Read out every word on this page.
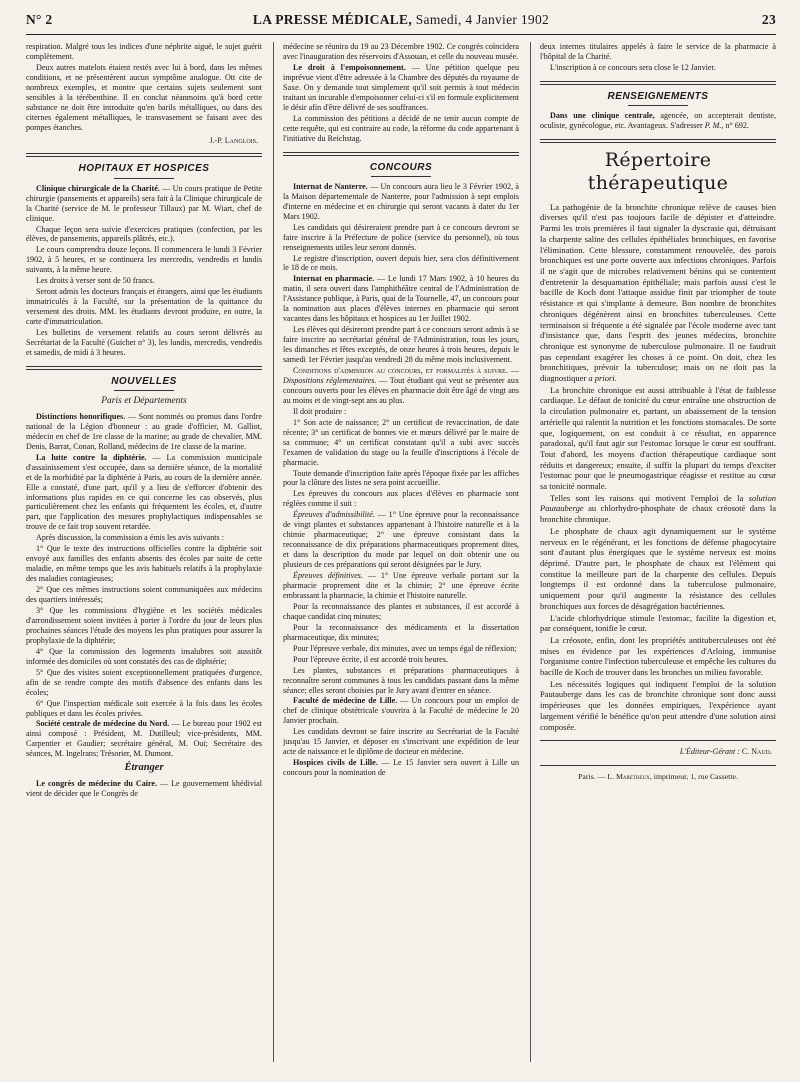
N° 2	LA PRESSE MÉDICALE, Samedi, 4 Janvier 1902	23

respiration. Malgré tous les indices d'une néphrite aiguë, le sujet guérit complètement.

Deux autres matelots étaient restés avec lui à bord, dans les mêmes conditions, et ne présentèrent aucun symptôme analogue. Ott cite de nombreux exemples, et montre que certains sujets seulement sont sensibles à la térébenthine. Il en conclut néanmoins qu'à bord cette substance ne doit être introduite qu'en barils métalliques, ou dans des citernes également métalliques, le transvasement se faisant avec des pompes étanches.

J.-P. Langlois.
HOPITAUX ET HOSPICES

Clinique chirurgicale de la Charité. — Un cours pratique de Petite chirurgie (pansements et appareils) sera fait à la Clinique chirurgicale de la Charité (service de M. le professeur Tillaux) par M. Wiart, chef de clinique.

Chaque leçon sera suivie d'exercices pratiques (confection, par les élèves, de pansements, appareils plâtrés, etc.).

Le cours comprendra douze leçons. Il commencera le lundi 3 Février 1902, à 5 heures, et se continuera les mercredis, vendredis et lundis suivants, à la même heure.

Les droits à verser sont de 50 francs.

Seront admis les docteurs français et étrangers, ainsi que les étudiants immatriculés à la Faculté, sur la présentation de la quittance du versement des droits. MM. les étudiants devront produire, en outre, la carte d'immatriculation.

Les bulletins de versement relatifs au cours seront délivrés au Secrétariat de la Faculté (Guichet n° 3), les lundis, mercredis, vendredis et samedis, de midi à 3 heures.

NOUVELLES
Paris et Départements

Distinctions honorifiques. — Sont nommés ou promus dans l'ordre national de la Légion d'honneur : au grade d'officier, M. Galliot, médecin en chef de 1re classe de la marine; au grade de chevalier, MM. Denis, Barrat, Conan, Rolland, médecins de 1re classe de la marine.

La lutte contre la diphtérie. — La commission municipale d'assainissement s'est occupée, dans sa dernière séance, de la mortalité et de la morbidité par la diphtérie à Paris, au cours de la dernière année. Elle a constaté, d'une part, qu'il y a lieu de s'efforcer d'obtenir des informations plus rapides en ce qui concerne les cas observés, plus particulièrement chez les enfants qui fréquentent les écoles, et, d'autre part, que l'application des mesures prophylactiques indispensables se trouve de ce fait trop souvent retardée.

Après discussion, la commission a émis les avis suivants :

1° Que le texte des instructions officielles contre la diphtérie soit envoyé aux familles des enfants absents des écoles par suite de cette maladie, en même temps que les avis habituels relatifs à la prophylaxie des maladies contagieuses;

2° Que ces mêmes instructions soient communiquées aux médecins des quartiers intéressés;

3° Que les commissions d'hygiène et les sociétés médicales d'arrondissement soient invitées à porter à l'ordre du jour de leurs plus prochaines séances l'étude des moyens les plus pratiques pour assurer la prophylaxie de la diphtérie;

4° Que la commission des logements insalubres soit aussitôt informée des domiciles où sont constatés des cas de diphtérie;

5° Que des visites soient exceptionnellement pratiquées d'urgence, afin de se rendre compte des motifs d'absence des enfants dans les écoles;

6° Que l'inspection médicale soit exercée à la fois dans les écoles publiques et dans les écoles privées.

Société centrale de médecine du Nord. — Le bureau pour 1902 est ainsi composé : Président, M. Dutilleul; vice-présidents, MM. Carpentier et Gaudier; secrétaire général, M. Oui; Secrétaire des séances, M. Ingelrans; Trésorier, M. Dumont.

Étranger

Le congrès de médecine du Caire. — Le gouvernement khédivial vient de décider que le Congrès de

médecine se réunira du 19 au 23 Décembre 1902. Ce congrès coïncidera avec l'inauguration des réservoirs d'Assouan, et celle du nouveau musée.

Le droit à l'empoisonnement. — Une pétition quelque peu imprévue vient d'être adressée à la Chambre des députés du royaume de Saxe. On y demande tout simplement qu'il soit permis à tout médecin traitant un incurable d'empoisonner celui-ci s'il en formule explicitement le désir afin d'être délivré de ses souffrances.

La commission des pétitions a décidé de ne tenir aucun compte de cette requête, qui est contraire au code, la réforme du code appartenant à l'initiative du Reichstag.

CONCOURS

Internat de Nanterre. — Un concours aura lieu le 3 Février 1902, à la Maison départementale de Nanterre, pour l'admission à sept emplois d'interne en médecine et en chirurgie qui seront vacants à dater du 1er Mars 1902.

Les candidats qui désireraient prendre part à ce concours devront se faire inscrire à la Préfecture de police (service du personnel), où tous renseignements utiles leur seront donnés.

Le registre d'inscription, ouvert depuis hier, sera clos définitivement le 18 de ce mois.

Internat en pharmacie. — Le lundi 17 Mars 1902, à 10 heures du matin, il sera ouvert dans l'amphithéâtre central de l'Administration de l'Assistance publique, à Paris, quai de la Tournelle, 47, un concours pour la nomination aux places d'élèves internes en pharmacie qui seront vacantes dans les hôpitaux et hospices au 1er Juillet 1902.

Les élèves qui désireront prendre part à ce concours seront admis à se faire inscrire au secrétariat général de l'Administration, tous les jours, les dimanches et fêtes exceptés, de onze heures à trois heures, depuis le samedi 1er Février jusqu'au vendredi 28 du même mois inclusivement.

Conditions d'admission au concours, et formalités à suivre. — Dispositions réglementaires. — Tout étudiant qui veut se présenter aux concours ouverts pour les élèves en pharmacie doit être âgé de vingt ans au moins et de vingt-sept ans au plus.

Il doit produire :

1° Son acte de naissance; 2° un certificat de revaccination, de date récente; 3° un certificat de bonnes vie et mœurs délivré par le maire de sa commune; 4° un certificat constatant qu'il a subi avec succès l'examen de validation du stage ou la feuille d'inscriptions à l'école de pharmacie.

Toute demande d'inscription faite après l'époque fixée par les affiches pour la clôture des listes ne sera point accueillie.

Les épreuves du concours aux places d'élèves en pharmacie sont réglées comme il suit :

Épreuves d'admissibilité. — 1° Une épreuve pour la reconnaissance de vingt plantes et substances appartenant à l'histoire naturelle et à la chimie pharmaceutique; 2° une épreuve consistant dans la reconnaissance de dix préparations pharmaceutiques proprement dites, et dans la description du mode par lequel on doit obtenir une ou plusieurs de ces préparations qui seront désignées par le Jury.

Épreuves définitives. — 1° Une épreuve verbale portant sur la pharmacie proprement dite et la chimie; 2° une épreuve écrite embrassant la pharmacie, la chimie et l'histoire naturelle.

Pour la reconnaissance des plantes et substances, il est accordé à chaque candidat cinq minutes;

Pour la reconnaissance des médicaments et la dissertation pharmaceutique, dix minutes;

Pour l'épreuve verbale, dix minutes, avec un temps égal de réflexion;

Pour l'épreuve écrite, il est accordé trois heures.

Les plantes, substances et préparations pharmaceutiques à reconnaître seront communes à tous les candidats passant dans la même séance; elles seront choisies par le Jury avant d'entrer en séance.

Faculté de médecine de Lille. — Un concours pour un emploi de chef de clinique obstétricale s'ouvrira à la Faculté de médecine le 20 Janvier prochain.

Les candidats devront se faire inscrire au Secrétariat de la Faculté jusqu'au 15 Janvier, et déposer en s'inscrivant une expédition de leur acte de naissance et le diplôme de docteur en médecine.

Hospices civils de Lille. — Le 15 Janvier sera ouvert à Lille un concours pour la nomination de

deux internes titulaires appelés à faire le service de la pharmacie à l'hôpital de la Charité.

L'inscription à ce concours sera close le 12 Janvier.

RENSEIGNEMENTS

Dans une clinique centrale, agencée, on accepterait dentiste, oculiste, gynécologue, etc. Avantageux. S'adresser P. M., n° 692.

Répertoire thérapeutique

La pathogénie de la bronchite chronique relève de causes bien diverses qu'il n'est pas toujours facile de dépister et d'atteindre. Parmi les trois premières il faut signaler la dyscrasie qui, détruisant la charpente saline des cellules épithéliales bronchiques, en favorise l'élimination. Cette blessure, constamment renouvelée, des parois bronchiques est une porte ouverte aux infections chroniques. Parfois il ne s'agit que de microbes relativement bénins qui se contentent d'entretenir la desquamation épithéliale; mais parfois aussi c'est le bacille de Koch dont l'attaque assidue finit par triompher de toute résistance et qui s'implante à demeure. Bon nombre de bronchites chroniques dégénèrent ainsi en bronchites tuberculeuses. Cette terminaison si fréquente a été signalée par l'école moderne avec tant d'insistance que, dans l'esprit des jeunes médecins, bronchite chronique est synonyme de tuberculose pulmonaire. Il ne faudrait pas cependant exagérer les choses à ce point. On doit, chez les bronchitiques, prévoir la tuberculose; mais on ne doit pas la diagnostiquer a priori.

La bronchite chronique est aussi attribuable à l'état de faiblesse cardiaque. Le défaut de tonicité du cœur entraîne une obstruction de la circulation pulmonaire et, partant, un abaissement de la tension artérielle qui ralentit la nutrition et les fonctions stomacales. De sorte que, logiquement, on est conduit à ce résultat, en apparence paradoxal, qu'il faut agir sur l'estomac lorsque le cœur est souffrant. Tout d'abord, les moyens d'action thérapeutique cardiaque sont réduits et dangereux; ensuite, il suffit la plupart du temps d'exciter l'estomac pour que le pneumogastrique réagisse et restitue au cœur sa tonicité normale.

Telles sont les raisons qui motivent l'emploi de la solution Pautauberge au chlorhydro-phosphate de chaux créosoté dans la bronchite chronique.

Le phosphate de chaux agit dynamiquement sur le système nerveux en le régénérant, et les fonctions de défense phagocytaire sont d'autant plus énergiques que le système nerveux est moins déprimé. D'autre part, le phosphate de chaux est l'élément qui constitue la meilleure part de la charpente des cellules. Depuis longtemps il est ordonné dans la tuberculose pulmonaire, uniquement pour qu'il augmente la résistance des cellules bronchiques aux forces de désagrégation bactériennes.

L'acide chlorhydrique stimule l'estomac, facilite la digestion et, par conséquent, tonifie le cœur.

La créosote, enfin, dont les propriétés antituberculeuses ont été mises en évidence par les expériences d'Arloing, immunise l'organisme contre l'infection tuberculeuse et empêche les cultures du bacille de Koch de trouver dans les bronches un milieu favorable.

Les nécessités logiques qui indiquent l'emploi de la solution Pautauberge dans les cas de bronchite chronique sont donc aussi impérieuses que les données empiriques, l'expérience ayant largement vérifié le bénéfice qu'on peut attendre d'une solution ainsi composée.

L'Éditeur-Gérant : C. Naud.
Paris. — L. Maretheux, imprimeur, 1, rue Cassette.
